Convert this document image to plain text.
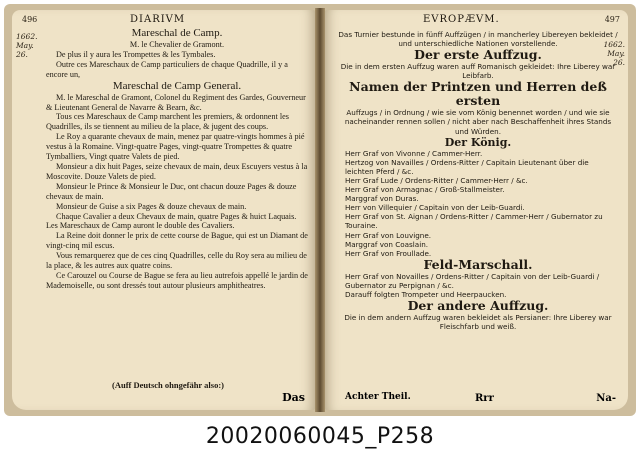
496	DIARIVM
1662.
May.
26.

Mareschal de Camp.

M. le Chevalier de Gramont.

De plus il y aura les Trompettes & les Tymbales.

Outre ces Mareschaux de Camp particuliers de chaque Quadrille, il y a encore un,

Mareschal de Camp General.

M. le Mareschal de Gramont, Colonel du Regiment des Gardes, Gouverneur & Lieutenant General de Navarre & Bearn, &c.

Tous ces Mareschaux de Camp marchent les premiers, & ordonnent les Quadrilles, ils se tiennent au milieu de la place, & jugent des coups.

Le Roy a quarante chevaux de main, menez par quatre-vingts hommes à pié vestus à la Romaine. Vingt-quatre Pages, vingt-quatre Trompettes & quatre Tymballiers, Vingt quatre Valets de pied.

Monsieur a dix huit Pages, seize chevaux de main, deux Escuyers vestus à la Moscovite. Douze Valets de pied.

Monsieur le Prince & Monsieur le Duc, ont chacun douze Pages & douze chevaux de main.

Monsieur de Guise a six Pages & douze chevaux de main.

Chaque Cavalier a deux Chevaux de main, quatre Pages & huict Laquais. Les Mareschaux de Camp auront le double des Cavaliers.

La Reine doit donner le prix de cette course de Bague, qui est un Diamant de vingt-cinq mil escus.

Vous remarquerez que de ces cinq Quadrilles, celle du Roy sera au milieu de la place, & les autres aux quatre coins.

Ce Carouzel ou Course de Bague se fera au lieu autrefois appellé le jardin de Mademoiselle, ou sont dressés tout autour plusieurs amphitheatres.

(Auff Deutsch ohngefähr also:)
Das
EVROPÆVM.	497
1662.
May.
26.

Das Turnier bestunde in fünff Auffzügen / in mancherley Libereyen bekleidet / und unterschiedliche Nationen vorstellende.

Der erste Auffzug.

Die in dem ersten Auffzug waren auff Romanisch gekleidet: Ihre Liberey war Leibfarb.

Namen der Printzen und Herren deß ersten

Auffzugs / in Ordnung / wie sie vom König benennet worden / und wie sie nacheinander rennen sollen / nicht aber nach Beschaffenheit ihres Stands und Würden.

Der König.

Herr Graf von Vivonne / Cammer-Herr.

Hertzog von Navailles / Ordens-Ritter / Capitain Lieutenant über die leichten Pferd / &c.

Herr Graf Lude / Ordens-Ritter / Cammer-Herr / &c.

Herr Graf von Armagnac / Groß-Stallmeister.

Marggraf von Duras.

Herr von Villequier / Capitain von der Leib-Guardi.

Herr Graf von St. Aignan / Ordens-Ritter / Cammer-Herr / Gubernator zu Touraine.

Herr Graf von Louvigne.

Marggraf von Coaslain.

Herr Graf von Froullade.

Feld-Marschall.

Herr Graf von Novailles / Ordens-Ritter / Capitain von der Leib-Guardi / Gubernator zu Perpignan / &c.

Darauff folgten Trompeter und Heerpaucken.

Der andere Auffzug.

Die in dem andern Auffzug waren bekleidet als Persianer: Ihre Liberey war Fleischfarb und weiß.

Achter Theil.	Rrr	Na-
20020060045_P258
